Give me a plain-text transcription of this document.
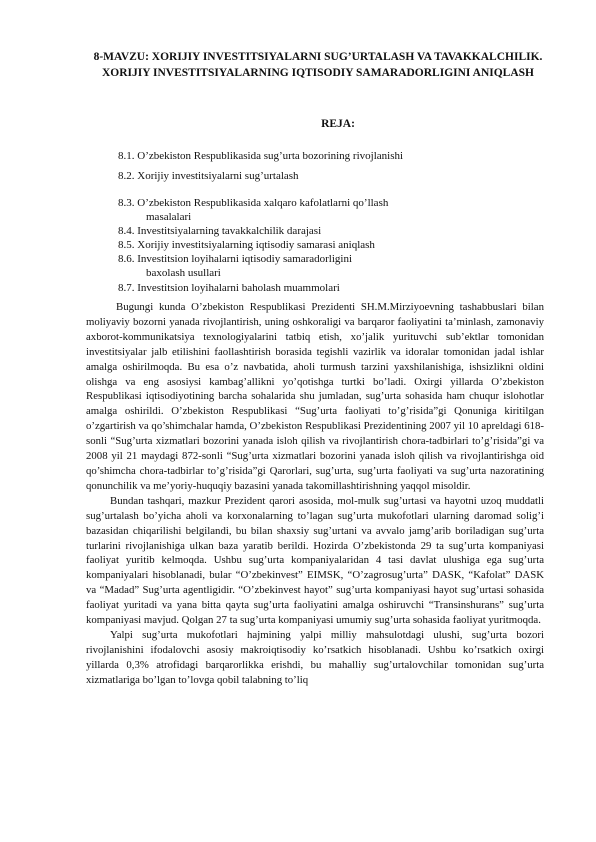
8-MAVZU: XORIJIY INVESTITSIYALARNI SUG’URTALASH VA TAVAKKALCHILIK. XORIJIY INVESTITSIYALARNING IQTISODIY SAMARADORLIGINI ANIQLASH
REJA:
8.1. O’zbekiston Respublikasida sug’urta bozorining rivojlanishi
8.2. Xorijiy investitsiyalarni sug’urtalash
8.3. O’zbekiston Respublikasida xalqaro kafolatlarni qo’llash
masalalari
8.4. Investitsiyalarning tavakkalchilik darajasi
8.5. Xorijiy investitsiyalarning iqtisodiy samarasi aniqlash
8.6. Investitsion loyihalarni iqtisodiy samaradorligini
baxolash usullari
8.7. Investitsion loyihalarni baholash muammolari

Bugungi kunda O’zbekiston Respublikasi Prezidenti SH.M.Mirziyoevning tashabbuslari bilan moliyaviy bozorni yanada rivojlantirish, uning oshkoraligi va barqaror faoliyatini ta’minlash, zamonaviy axborot-kommunikatsiya texnologiyalarini tatbiq etish, xo’jalik yurituvchi sub’ektlar tomonidan investitsiyalar jalb etilishini faollashtirish borasida tegishli vazirlik va idoralar tomonidan jadal ishlar amalga oshirilmoqda. Bu esa o’z navbatida, aholi turmush tarzini yaxshilanishiga, ishsizlikni oldini olishga va eng asosiysi kambag’allikni yo’qotishga turtki bo’ladi. Oxirgi yillarda O’zbekiston Respublikasi iqtisodiyotining barcha sohalarida shu jumladan, sug’urta sohasida ham chuqur islohotlar amalga oshirildi. O’zbekiston Respublikasi “Sug’urta faoliyati to’g’risida”gi Qonuniga kiritilgan o’zgartirish va qo’shimchalar hamda, O’zbekiston Respublikasi Prezidentining 2007 yil 10 apreldagi 618-sonli “Sug’urta xizmatlari bozorini yanada isloh qilish va rivojlantirish chora-tadbirlari to’g’risida”gi va 2008 yil 21 maydagi 872-sonli “Sug’urta xizmatlari bozorini yanada isloh qilish va rivojlantirishga oid qo’shimcha chora-tadbirlar to’g’risida”gi Qarorlari, sug’urta, sug’urta faoliyati va sug’urta nazoratining qonunchilik va me’yoriy-huquqiy bazasini yanada takomillashtirishning yaqqol misoldir.

Bundan tashqari, mazkur Prezident qarori asosida, mol-mulk sug’urtasi va hayotni uzoq muddatli sug’urtalash bo’yicha aholi va korxonalarning to’lagan sug’urta mukofotlari ularning daromad solig’i bazasidan chiqarilishi belgilandi, bu bilan shaxsiy sug’urtani va avvalo jamg’arib boriladigan sug’urta turlarini rivojlanishiga ulkan baza yaratib berildi. Hozirda O’zbekistonda 29 ta sug’urta kompaniyasi faoliyat yuritib kelmoqda. Ushbu sug’urta kompaniyalaridan 4 tasi davlat ulushiga ega sug’urta kompaniyalari hisoblanadi, bular “O’zbekinvest” EIMSK, “O’zagrosug’urta” DASK, “Kafolat” DASK va “Madad” Sug’urta agentligidir. “O’zbekinvest hayot” sug’urta kompaniyasi hayot sug’urtasi sohasida faoliyat yuritadi va yana bitta qayta sug’urta faoliyatini amalga oshiruvchi “Transinshurans” sug’urta kompaniyasi mavjud. Qolgan 27 ta sug’urta kompaniyasi umumiy sug’urta sohasida faoliyat yuritmoqda.

Yalpi sug’urta mukofotlari hajmining yalpi milliy mahsulotdagi ulushi, sug’urta bozori rivojlanishini ifodalovchi asosiy makroiqtisodiy ko’rsatkich hisoblanadi. Ushbu ko’rsatkich oxirgi yillarda 0,3% atrofidagi barqarorlikka erishdi, bu mahalliy sug’urtalovchilar tomonidan sug’urta xizmatlariga bo’lgan to’lovga qobil talabning to’liq
